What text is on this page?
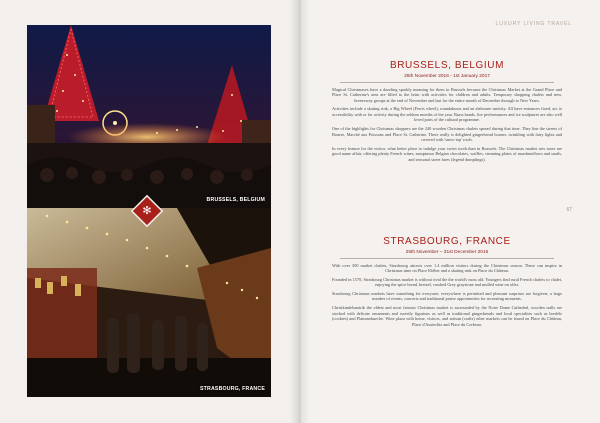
BRUSSELS, BELGIUM
STRASBOURG, FRANCE
✻
LUXURY LIVING TRAVEL
67
BRUSSELS, BELGIUM
25th November 2016 - 1st January 2017

Magical Christmases have a dazzling sparkly meaning for them in Brussels because the Christmas Market at the Grand Place and Place St. Catherine's area are filled to the brim with activities for children and adults. Temporary shopping chalets and new, breezeway groups at the end of November and last for the entire month of December through to New Years.

Activities include a skating rink, a Big Wheel (Ferris wheel), roundabouts and an elaborate nativity. All have entrances fixed, act to accessibility with or for activity during the seldom months of the year. Brass bands, fire performances and ice sculptures are also well loved parts of the cultural programme.

One of the highlights for Christmas shoppers are the 240 wooden Christmas chalets spread during that time. They line the streets of Bourse, Marché aux Poissons and Place St. Catherine. There really is delighted gingerbread houses, twinkling with fairy lights and covered with 'snow-top' roofs.

In every feature for the visitor, what better place to indulge your sweet tooth than in Brussels. The Christmas market sets more are good name affair, offering plenty French wines, sumptuous Belgian chocolates, waffles, steaming plates of marshmellows and snails, and seasonal street fares (legend dumplings).

STRASBOURG, FRANCE
25th November – 31st December 2016

With over 300 market chalets, Strasbourg attracts over 1.4 million visitors during the Christmas season. These can inspire in Christmas time on Place Kléber and a skating rink on Place du Château.

Founded in 1570, Strasbourg Christmas market is without rival the the world's most old. Youngers find rural French chalets to chalet, enjoying the spice bread, bretzel, crushed Grey graystone and mulled wine on offer.

Strasbourg Christmas markets have something for everyone; everywhere is permitted and pleasant surprises are forgiven; a large number of events, concerts and traditional praise opportunities for recreating moments.

Christkindelsmärik the oldest and most famous Christmas market is surrounded by the Notre Dame Cathedral, wooden stalls are stocked with delicate ornaments and sweetly figurines as well as traditional gingerbreads and local specialties such as bredele (cookies) and Flammekueche. Wine plaza with home, visitors, and artisan (crafts) other markets can be found on Place du Château, Place d'Austerlitz and Place du Corbeau.
